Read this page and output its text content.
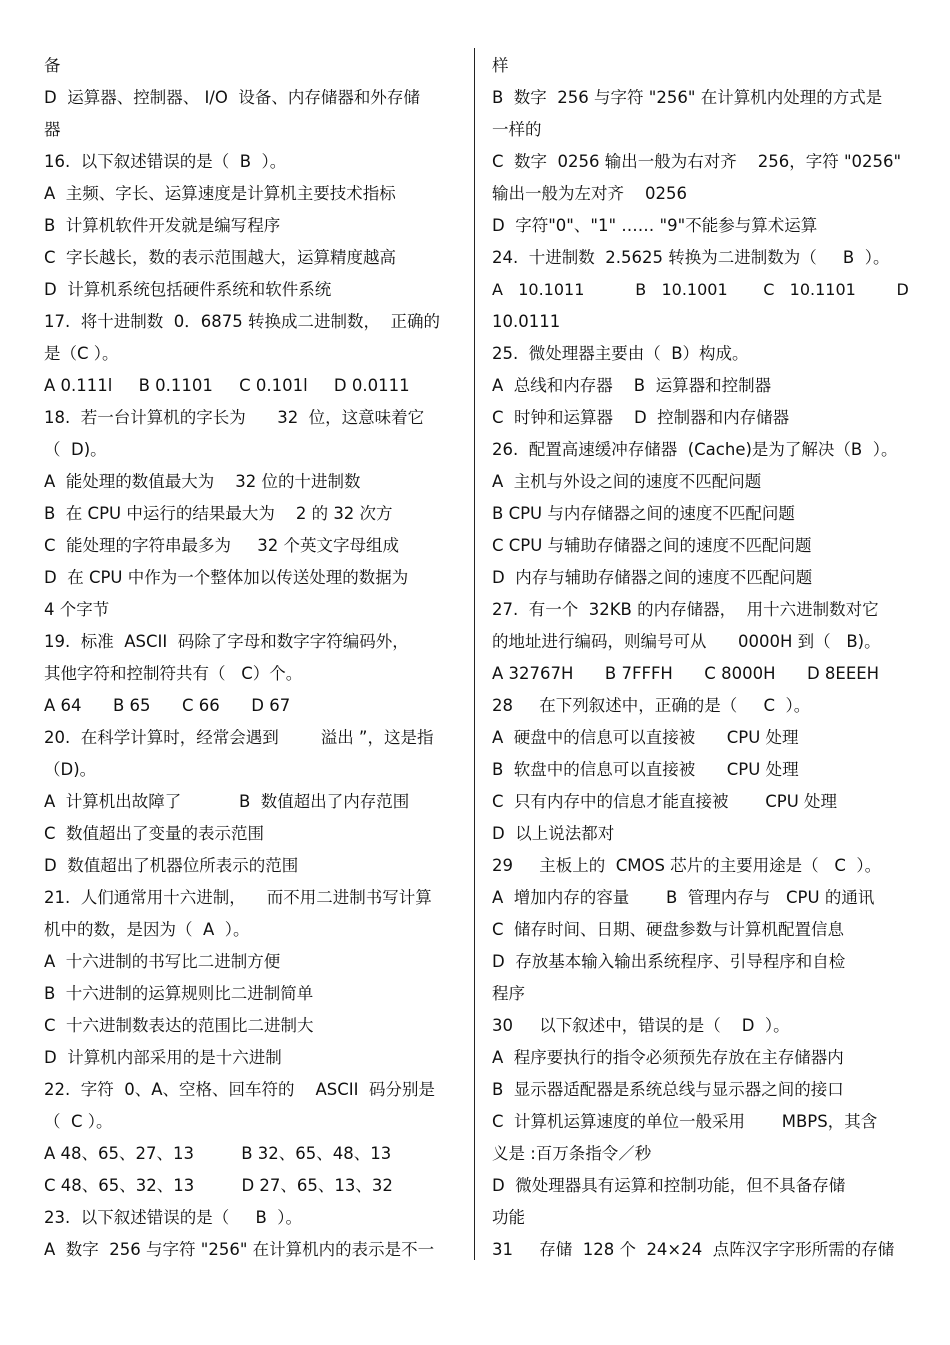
备
D  运算器、控制器、 I/O  设备、内存储器和外存储
器
16.  以下叙述错误的是（  B  ）。
A  主频、字长、运算速度是计算机主要技术指标
B  计算机软件开发就是编写程序
C  字长越长，数的表示范围越大，运算精度越高
D  计算机系统包括硬件系统和软件系统
17.  将十进制数  0．6875 转换成二进制数，  正确的
是（C ）。
A 0.111l     B 0.1101     C 0.101l     D 0.0111
18.  若一台计算机的字长为      32  位，这意味着它
（  D)。
A  能处理的数值最大为    32 位的十进制数
B  在 CPU 中运行的结果最大为    2 的 32 次方
C  能处理的字符串最多为     32 个英文字母组成
D  在 CPU 中作为一个整体加以传送处理的数据为
4 个字节
19.  标准  ASCII  码除了字母和数字字符编码外，
其他字符和控制符共有（   C）个。
A 64      B 65      C 66      D 67
20.  在科学计算时，经常会遇到        溢出 ”，这是指
（D)。
A  计算机出故障了           B  数值超出了内存范围
C  数值超出了变量的表示范围
D  数值超出了机器位所表示的范围
21.  人们通常用十六进制，    而不用二进制书写计算
机中的数，是因为（  A  ）。
A  十六进制的书写比二进制方便
B  十六进制的运算规则比二进制简单
C  十六进制数表达的范围比二进制大
D  计算机内部采用的是十六进制
22.  字符  0、A、空格、回车符的    ASCII  码分别是
（  C ）。
A 48、65、27、13         B 32、65、48、13
C 48、65、32、13         D 27、65、13、32
23.  以下叙述错误的是（     B  ）。
A  数字  256 与字符 "256" 在计算机内的表示是不一
样
B  数字  256 与字符 "256" 在计算机内处理的方式是
一样的
C  数字  0256 输出一般为右对齐    256，字符 "0256"
输出一般为左对齐    0256
D  字符"0"、"1" …… "9"不能参与算术运算
24.  十进制数  2.5625 转换为二进制数为（     B  ）。
A   10.1011          B   10.1001       C   10.1101        D
10.0111
25.  微处理器主要由（  B）构成。
A  总线和内存器    B  运算器和控制器
C  时钟和运算器    D  控制器和内存储器
26.  配置高速缓冲存储器  (Cache)是为了解决（B  ）。
A  主机与外设之间的速度不匹配问题
B CPU 与内存储器之间的速度不匹配问题
C CPU 与辅助存储器之间的速度不匹配问题
D  内存与辅助存储器之间的速度不匹配问题
27.  有一个  32KB 的内存储器，  用十六进制数对它
的地址进行编码，则编号可从      0000H 到（   B)。
A 32767H      B 7FFFH      C 8000H      D 8EEEH
28     在下列叙述中，正确的是（     C  ）。
A  硬盘中的信息可以直接被      CPU 处理
B  软盘中的信息可以直接被      CPU 处理
C  只有内存中的信息才能直接被       CPU 处理
D  以上说法都对
29     主板上的  CMOS 芯片的主要用途是（   C  ）。
A  增加内存的容量       B  管理内存与   CPU 的通讯
C  储存时间、日期、硬盘参数与计算机配置信息
D  存放基本输入输出系统程序、引导程序和自检
程序
30     以下叙述中，错误的是（    D  ）。
A  程序要执行的指令必须预先存放在主存储器内
B  显示器适配器是系统总线与显示器之间的接口
C  计算机运算速度的单位一般采用       MBPS，其含
义是 :百万条指令／秒
D  微处理器具有运算和控制功能，但不具备存储
功能
31     存储  128 个  24×24  点阵汉字字形所需的存储
